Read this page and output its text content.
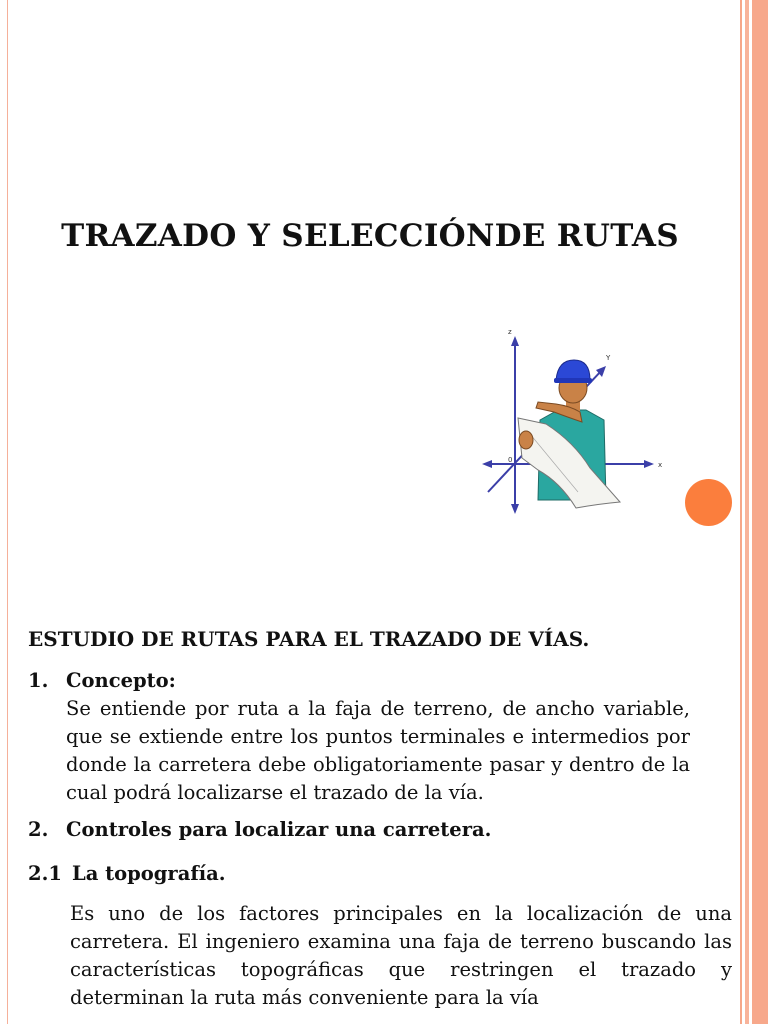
TRAZADO Y SELECCIÓNDE RUTAS
z
x
Y
0

ESTUDIO DE RUTAS PARA EL TRAZADO DE VÍAS.

1. Concepto:

Se entiende por ruta a la faja de terreno, de ancho variable, que se extiende entre los puntos terminales e intermedios por donde la carretera debe obligatoriamente pasar y dentro de la cual podrá localizarse el trazado de la vía.

2. Controles para localizar una carretera.
2.1 La topografía.

Es uno de los factores principales en la localización de una carretera. El ingeniero examina una faja de terreno buscando las características topográficas que restringen el trazado y determinan la ruta más conveniente para la vía
